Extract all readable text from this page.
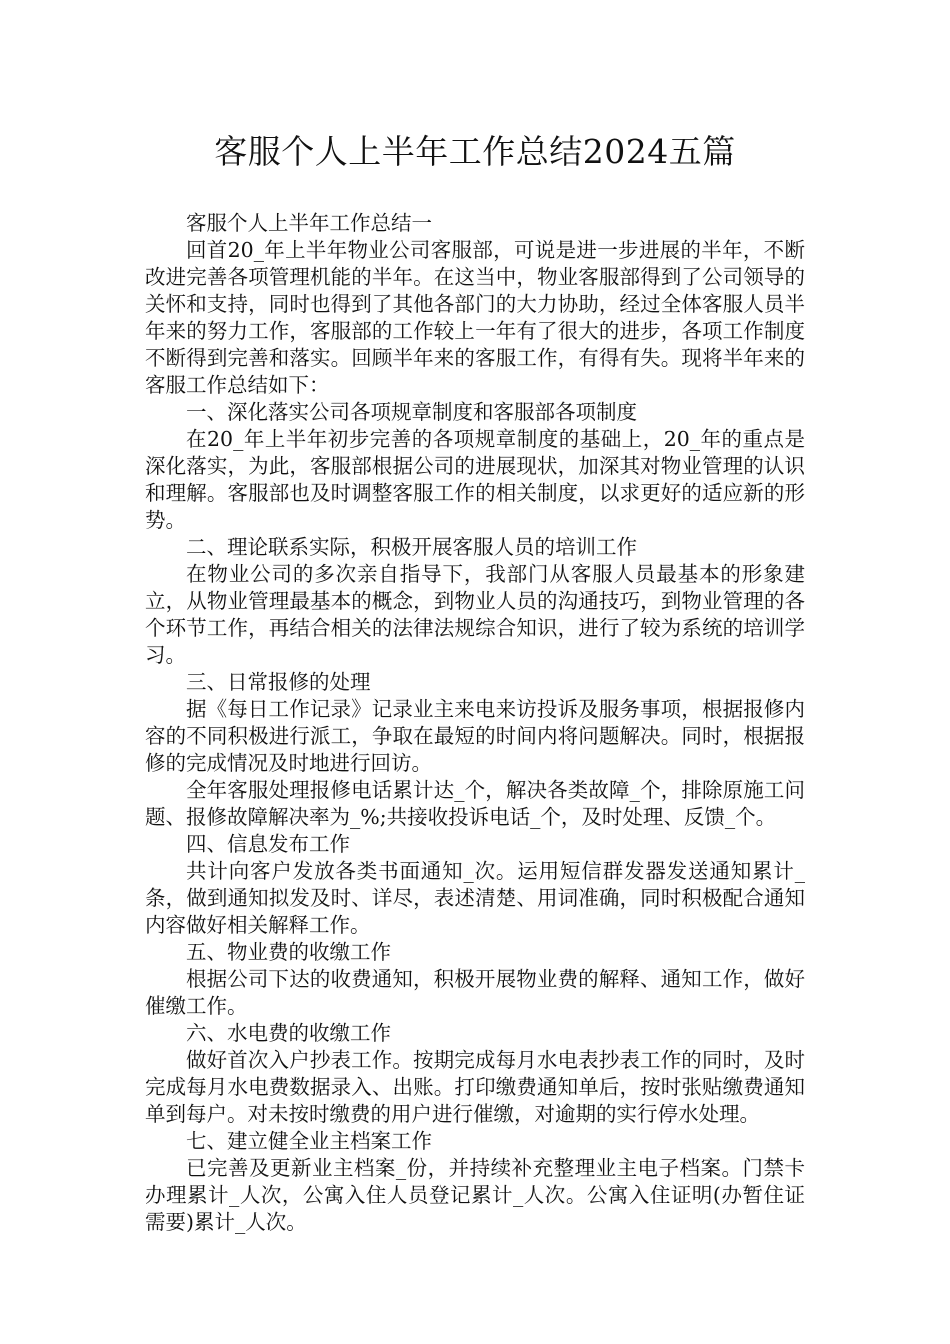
客服个人上半年工作总结2024五篇

客服个人上半年工作总结一

回首20_年上半年物业公司客服部，可说是进一步进展的半年，不断改进完善各项管理机能的半年。在这当中，物业客服部得到了公司领导的关怀和支持，同时也得到了其他各部门的大力协助，经过全体客服人员半年来的努力工作，客服部的工作较上一年有了很大的进步，各项工作制度不断得到完善和落实。回顾半年来的客服工作，有得有失。现将半年来的客服工作总结如下：

一、深化落实公司各项规章制度和客服部各项制度

在20_年上半年初步完善的各项规章制度的基础上，20_年的重点是深化落实，为此，客服部根据公司的进展现状，加深其对物业管理的认识和理解。客服部也及时调整客服工作的相关制度，以求更好的适应新的形势。

二、理论联系实际，积极开展客服人员的培训工作

在物业公司的多次亲自指导下，我部门从客服人员最基本的形象建立，从物业管理最基本的概念，到物业人员的沟通技巧，到物业管理的各个环节工作，再结合相关的法律法规综合知识，进行了较为系统的培训学习。

三、日常报修的处理

据《每日工作记录》记录业主来电来访投诉及服务事项，根据报修内容的不同积极进行派工，争取在最短的时间内将问题解决。同时，根据报修的完成情况及时地进行回访。

全年客服处理报修电话累计达_个，解决各类故障_个，排除原施工问题、报修故障解决率为_%;共接收投诉电话_个，及时处理、反馈_个。

四、信息发布工作

共计向客户发放各类书面通知_次。运用短信群发器发送通知累计_条，做到通知拟发及时、详尽，表述清楚、用词准确，同时积极配合通知内容做好相关解释工作。

五、物业费的收缴工作

根据公司下达的收费通知，积极开展物业费的解释、通知工作，做好催缴工作。

六、水电费的收缴工作

做好首次入户抄表工作。按期完成每月水电表抄表工作的同时，及时完成每月水电费数据录入、出账。打印缴费通知单后，按时张贴缴费通知单到每户。对未按时缴费的用户进行催缴，对逾期的实行停水处理。

七、建立健全业主档案工作

已完善及更新业主档案_份，并持续补充整理业主电子档案。门禁卡办理累计_人次，公寓入住人员登记累计_人次。公寓入住证明(办暂住证需要)累计_人次。
